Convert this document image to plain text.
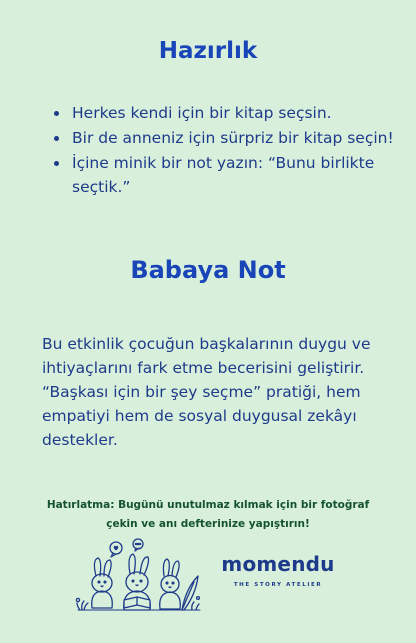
Hazırlık
• Herkes kendi için bir kitap seçsin.
• Bir de anneniz için sürpriz bir kitap seçin!
• İçine minik bir not yazın: “Bunu birlikte seçtik.”
Babaya Not

Bu etkinlik çocuğun başkalarının duygu ve ihtiyaçlarını fark etme becerisini geliştirir. “Başkası için bir şey seçme” pratiği, hem empatiyi hem de sosyal duygusal zekâyı destekler.

Hatırlatma: Bugünü unutulmaz kılmak için bir fotoğraf çekin ve anı defterinize yapıştırın!

momendu
THE STORY ATELIER
